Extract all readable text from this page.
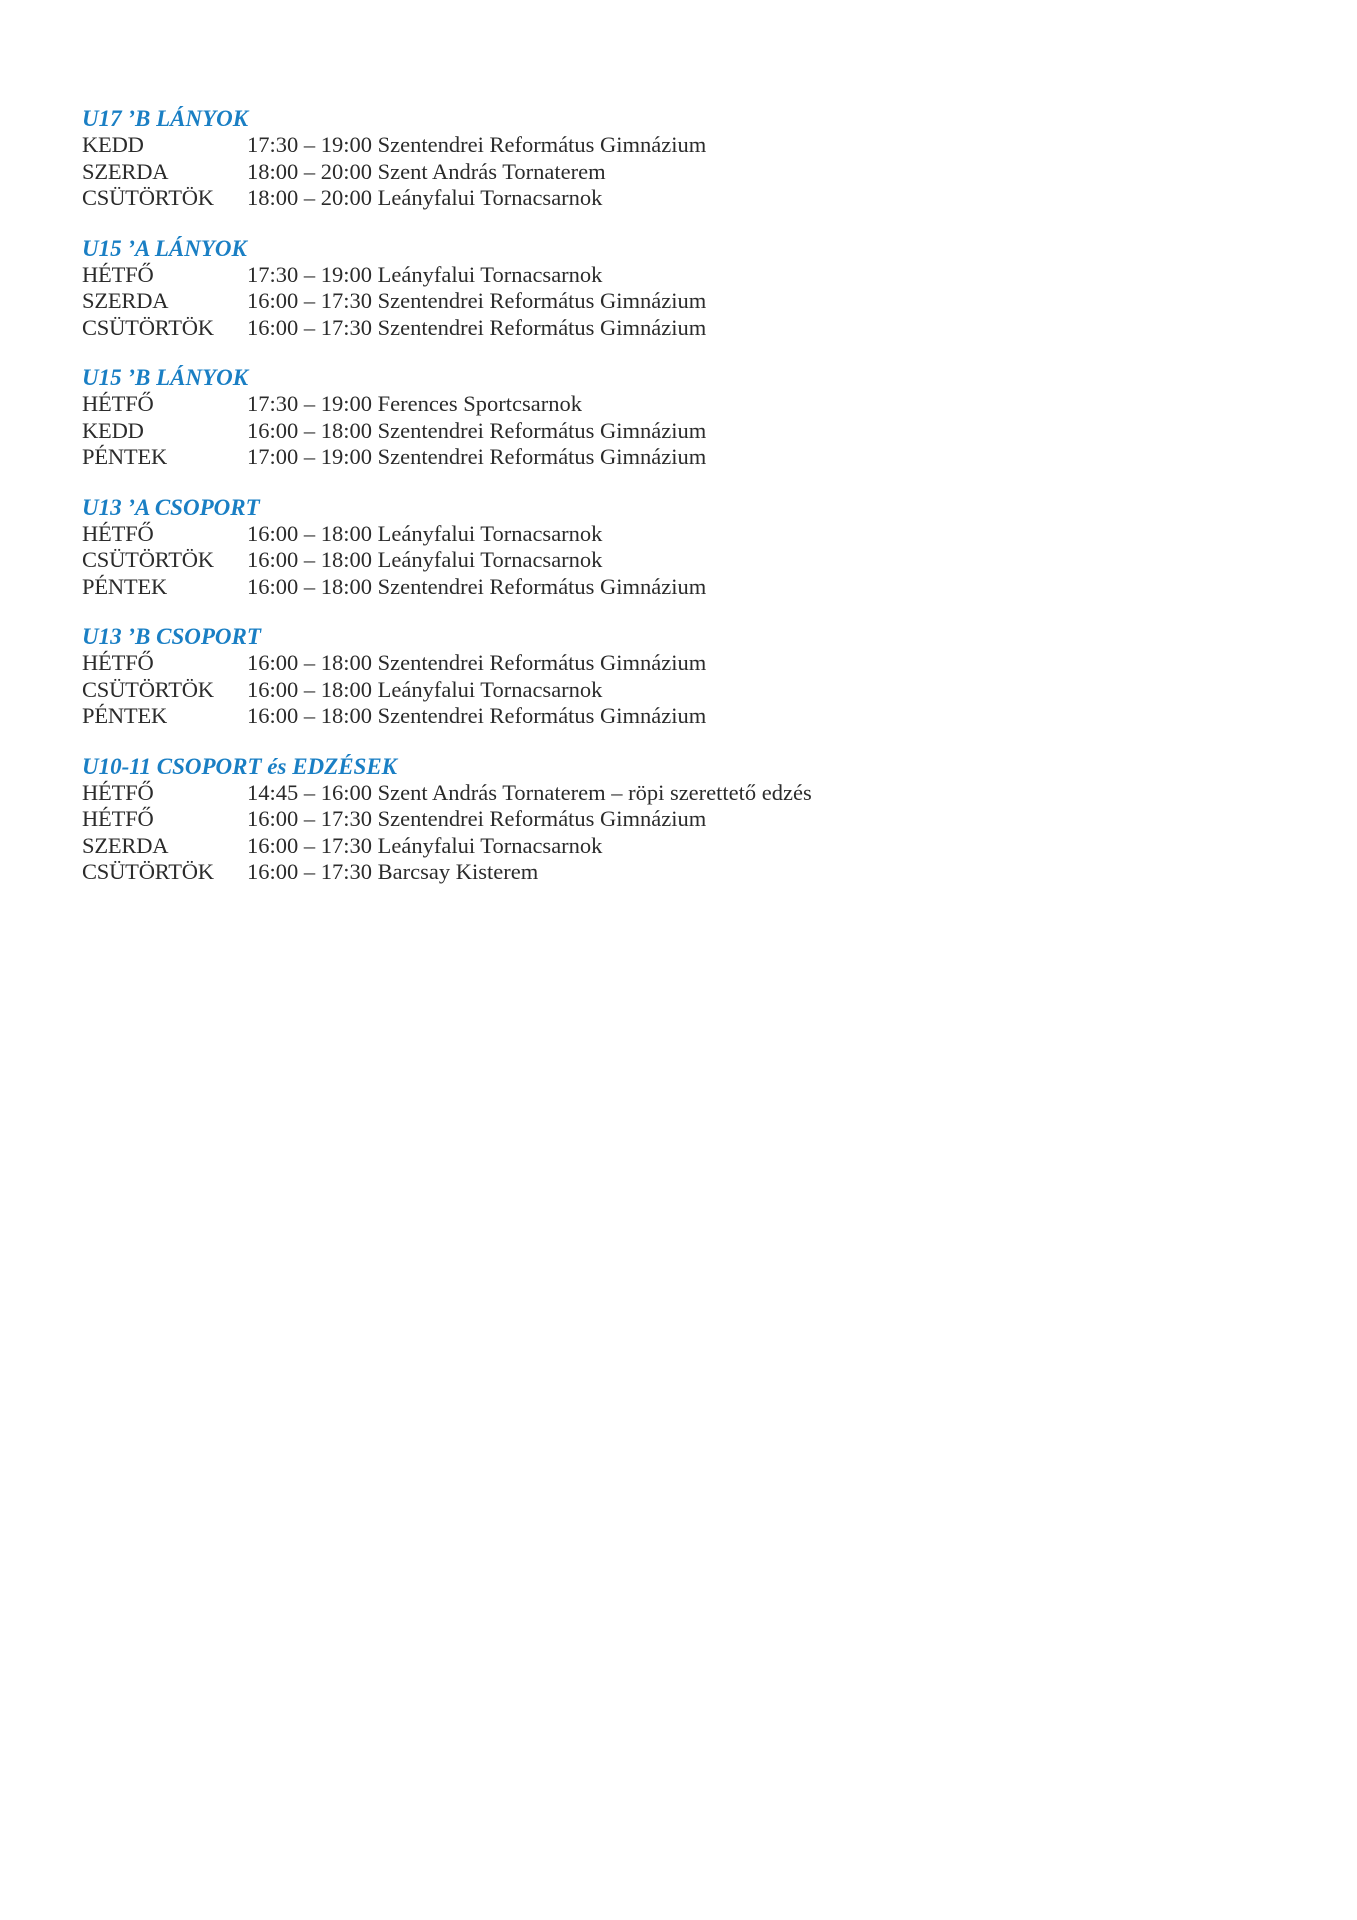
U17 ’B LÁNYOK
KEDD	17:30 – 19:00 Szentendrei Református Gimnázium
SZERDA	18:00 – 20:00 Szent András Tornaterem
CSÜTÖRTÖK	18:00 – 20:00 Leányfalui Tornacsarnok
U15 ’A LÁNYOK
HÉTFŐ	17:30 – 19:00 Leányfalui Tornacsarnok
SZERDA	16:00 – 17:30 Szentendrei Református Gimnázium
CSÜTÖRTÖK	16:00 – 17:30 Szentendrei Református Gimnázium
U15 ’B LÁNYOK
HÉTFŐ	17:30 – 19:00 Ferences Sportcsarnok
KEDD	16:00 – 18:00 Szentendrei Református Gimnázium
PÉNTEK	17:00 – 19:00 Szentendrei Református Gimnázium
U13 ’A CSOPORT
HÉTFŐ	16:00 – 18:00 Leányfalui Tornacsarnok
CSÜTÖRTÖK	16:00 – 18:00 Leányfalui Tornacsarnok
PÉNTEK	16:00 – 18:00 Szentendrei Református Gimnázium
U13 ’B CSOPORT
HÉTFŐ	16:00 – 18:00 Szentendrei Református Gimnázium
CSÜTÖRTÖK	16:00 – 18:00 Leányfalui Tornacsarnok
PÉNTEK	16:00 – 18:00 Szentendrei Református Gimnázium
U10-11 CSOPORT és EDZÉSEK
HÉTFŐ	14:45 – 16:00 Szent András Tornaterem – röpi szerettető edzés
HÉTFŐ	16:00 – 17:30 Szentendrei Református Gimnázium
SZERDA	16:00 – 17:30 Leányfalui Tornacsarnok
CSÜTÖRTÖK	16:00 – 17:30 Barcsay Kisterem
